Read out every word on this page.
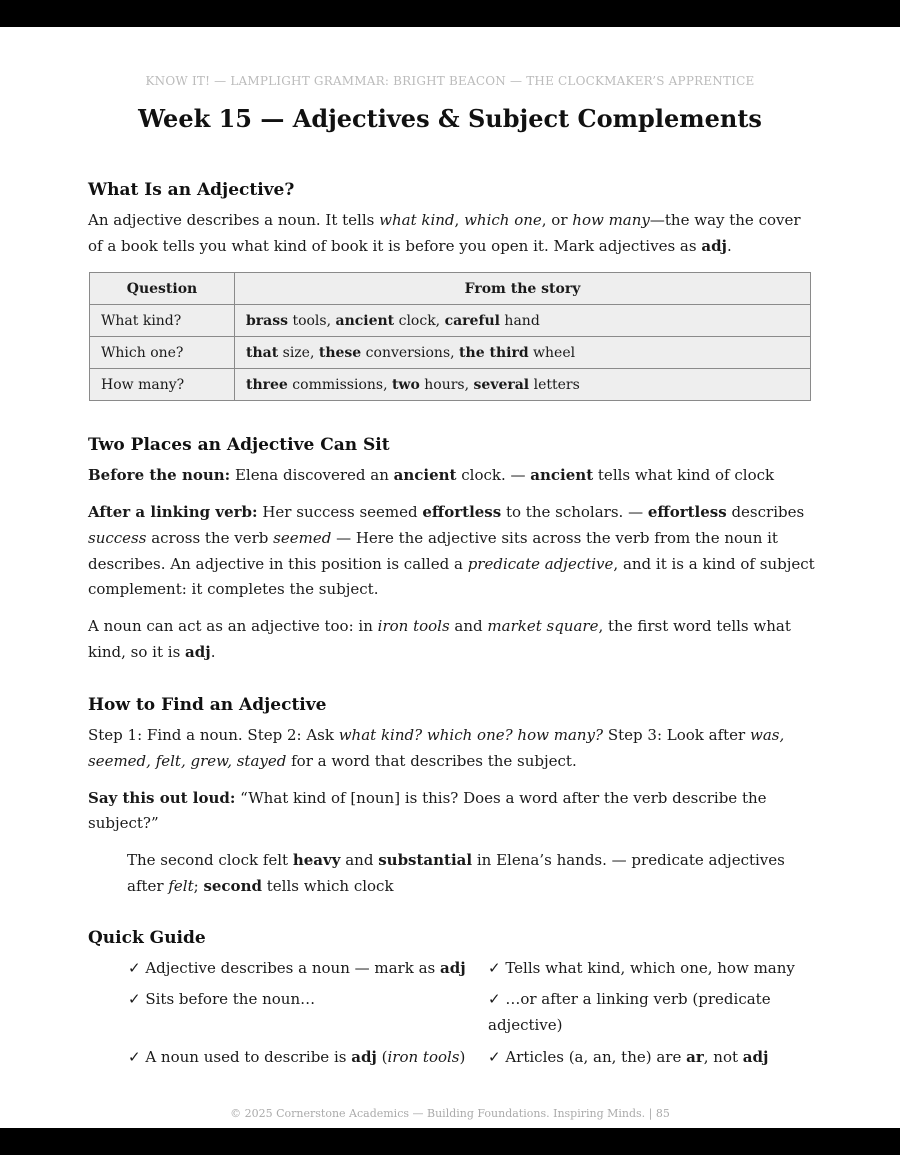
KNOW IT! — LAMPLIGHT GRAMMAR: BRIGHT BEACON — THE CLOCKMAKER’S APPRENTICE
Week 15 — Adjectives & Subject Complements
What Is an Adjective?

An adjective describes a noun. It tells what kind, which one, or how many—the way the cover of a book tells you what kind of book it is before you open it. Mark adjectives as adj.

Question	From the story
What kind?	brass tools, ancient clock, careful hand
Which one?	that size, these conversions, the third wheel
How many?	three commissions, two hours, several letters
Two Places an Adjective Can Sit

Before the noun: Elena discovered an ancient clock. — ancient tells what kind of clock

After a linking verb: Her success seemed effortless to the scholars. — effortless describes success across the verb seemed — Here the adjective sits across the verb from the noun it describes. An adjective in this position is called a predicate adjective, and it is a kind of subject complement: it completes the subject.

A noun can act as an adjective too: in iron tools and market square, the first word tells what kind, so it is adj.

How to Find an Adjective

Step 1: Find a noun. Step 2: Ask what kind? which one? how many? Step 3: Look after was, seemed, felt, grew, stayed for a word that describes the subject.

Say this out loud: “What kind of [noun] is this? Does a word after the verb describe the subject?”

The second clock felt heavy and substantial in Elena’s hands. — predicate adjectives after felt; second tells which clock

Quick Guide
✓ Adjective describes a noun — mark as adj	✓ Tells what kind, which one, how many
✓ Sits before the noun…	✓ …or after a linking verb (predicate adjective)
✓ A noun used to describe is adj (iron tools)	✓ Articles (a, an, the) are ar, not adj
© 2025 Cornerstone Academics — Building Foundations. Inspiring Minds. | 85
